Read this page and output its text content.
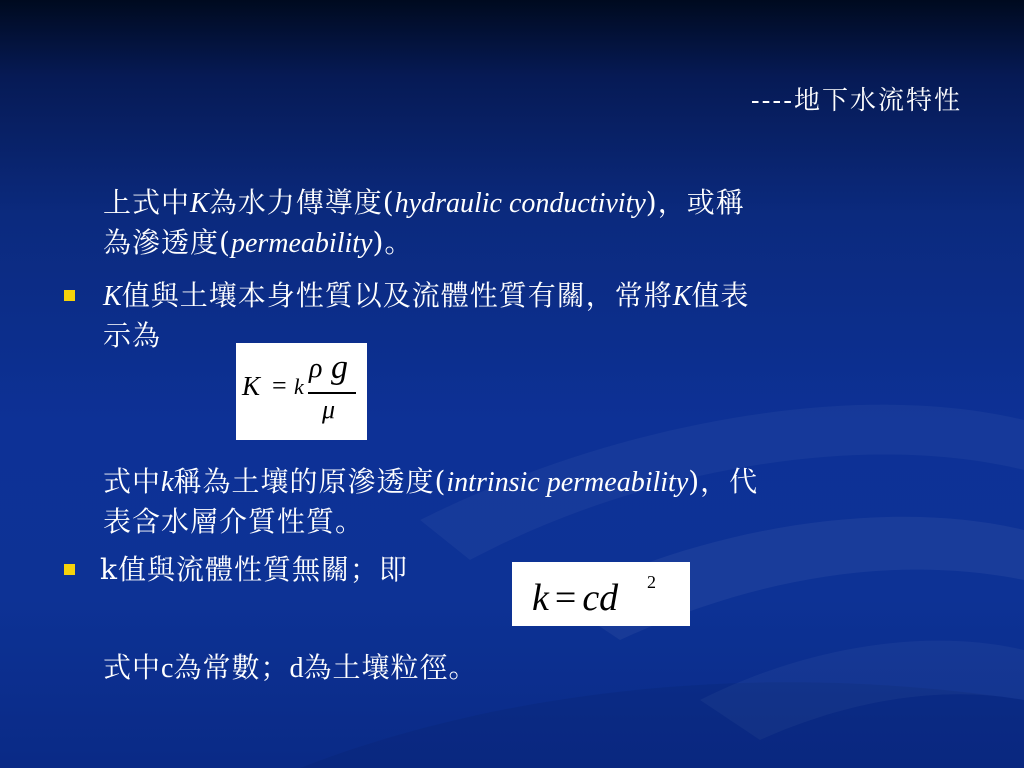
----地下水流特性
上式中K為水力傳導度(hydraulic conductivity)，或稱
為滲透度(permeability)。
K值與土壤本身性質以及流體性質有關，常將K值表
示為
K = k
ρ g
μ
式中k稱為土壤的原滲透度(intrinsic permeability)，代
表含水層介質性質。
k值與流體性質無關；即
k = cd 2
式中c為常數；d為土壤粒徑。
